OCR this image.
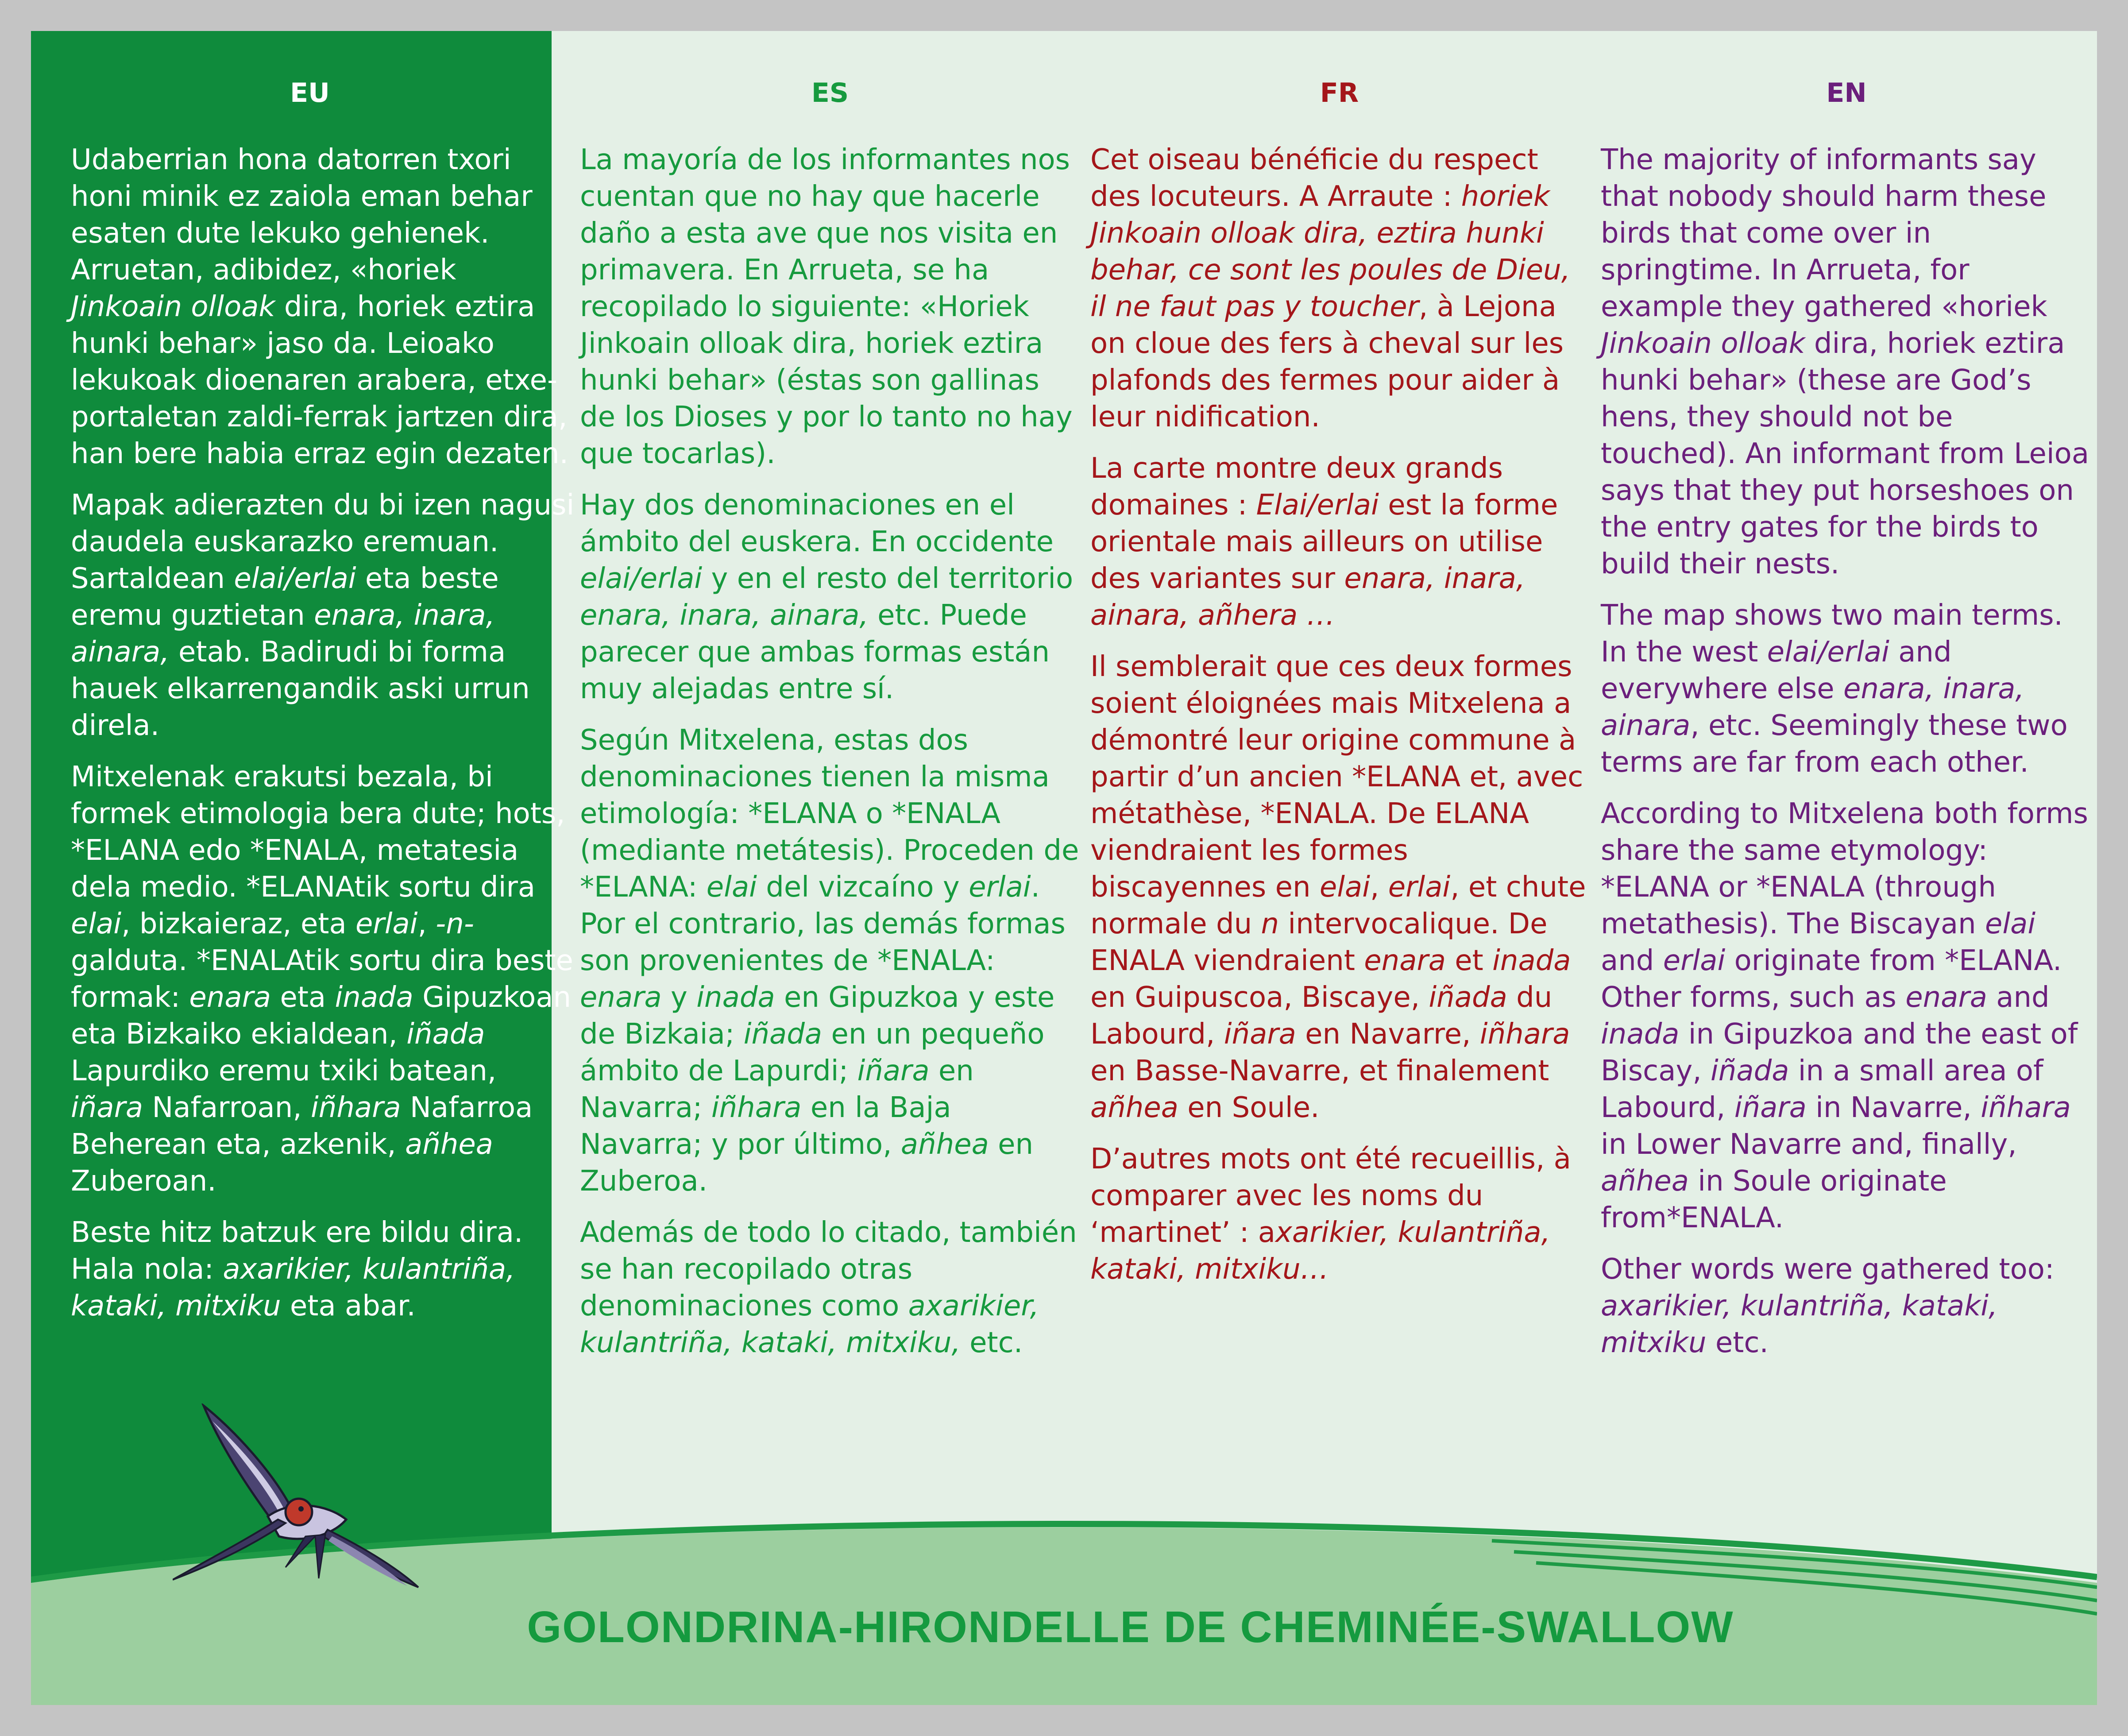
EU

Udaberrian hona datorren txori honi minik ez zaiola eman behar esaten dute lekuko gehienek. Arruetan, adibidez, «horiek Jinkoain olloak dira, horiek eztira hunki behar» jaso da. Leioako lekukoak dioenaren arabera, etxe-portaletan zaldi-ferrak jartzen dira, han bere habia erraz egin dezaten.

Mapak adierazten du bi izen nagusi daudela euskarazko eremuan. Sartaldean elai/erlai eta beste eremu guztietan enara, inara, ainara, etab. Badirudi bi forma hauek elkarrengandik aski urrun direla.

Mitxelenak erakutsi bezala, bi formek etimologia bera dute; hots, *ELANA edo *ENALA, metatesia dela medio. *ELANAtik sortu dira elai, bizkaieraz, eta erlai, -n- galduta. *ENALAtik sortu dira beste formak: enara eta inada Gipuzkoan eta Bizkaiko ekialdean, iñada Lapurdiko eremu txiki batean, iñara Nafarroan, iñhara Nafarroa Beherean eta, azkenik, añhea Zuberoan.

Beste hitz batzuk ere bildu dira. Hala nola: axarikier, kulantriña, kataki, mitxiku eta abar.

ES

La mayoría de los informantes nos cuentan que no hay que hacerle daño a esta ave que nos visita en primavera. En Arrueta, se ha recopilado lo siguiente: «Horiek Jinkoain olloak dira, horiek eztira hunki behar» (éstas son gallinas de los Dioses y por lo tanto no hay que tocarlas).

Hay dos denominaciones en el ámbito del euskera. En occidente elai/erlai y en el resto del territorio enara, inara, ainara, etc. Puede parecer que ambas formas están muy alejadas entre sí.

Según Mitxelena, estas dos denominaciones tienen la misma etimología: *ELANA o *ENALA (mediante metátesis). Proceden de *ELANA: elai del vizcaíno y erlai. Por el contrario, las demás formas son provenientes de *ENALA: enara y inada en Gipuzkoa y este de Bizkaia; iñada en un pequeño ámbito de Lapurdi; iñara en Navarra; iñhara en la Baja Navarra; y por último, añhea en Zuberoa.

Además de todo lo citado, también se han recopilado otras denominaciones como axarikier, kulantriña, kataki, mitxiku, etc.

FR

Cet oiseau bénéficie du respect des locuteurs. A Arraute : horiek Jinkoain olloak dira, eztira hunki behar, ce sont les poules de Dieu, il ne faut pas y toucher, à Lejona on cloue des fers à cheval sur les plafonds des fermes pour aider à leur nidification.

La carte montre deux grands domaines : Elai/erlai est la forme orientale mais ailleurs on utilise des variantes sur enara, inara, ainara, añhera …

Il semblerait que ces deux formes soient éloignées mais Mitxelena a démontré leur origine commune à partir d’un ancien *ELANA et, avec métathèse, *ENALA. De ELANA viendraient les formes biscayennes en elai, erlai, et chute normale du n intervocalique. De ENALA viendraient enara et inada en Guipuscoa, Biscaye, iñada du Labourd, iñara en Navarre, iñhara en Basse-Navarre, et finalement añhea en Soule.

D’autres mots ont été recueillis, à comparer avec les noms du ‘martinet’ : axarikier, kulantriña, kataki, mitxiku…

EN

The majority of informants say that nobody should harm these birds that come over in springtime. In Arrueta, for example they gathered «horiek Jinkoain olloak dira, horiek eztira hunki behar» (these are God’s hens, they should not be touched). An informant from Leioa says that they put horseshoes on the entry gates for the birds to build their nests.

The map shows two main terms. In the west elai/erlai and everywhere else enara, inara, ainara, etc. Seemingly these two terms are far from each other.

According to Mitxelena both forms share the same etymology: *ELANA or *ENALA (through metathesis). The Biscayan elai and erlai originate from *ELANA. Other forms, such as enara and inada in Gipuzkoa and the east of Biscay, iñada in a small area of Labourd, iñara in Navarre, iñhara in Lower Navarre and, finally, añhea in Soule originate from*ENALA.

Other words were gathered too: axarikier, kulantriña, kataki, mitxiku etc.

GOLONDRINA-HIRONDELLE DE CHEMINÉE-SWALLOW
